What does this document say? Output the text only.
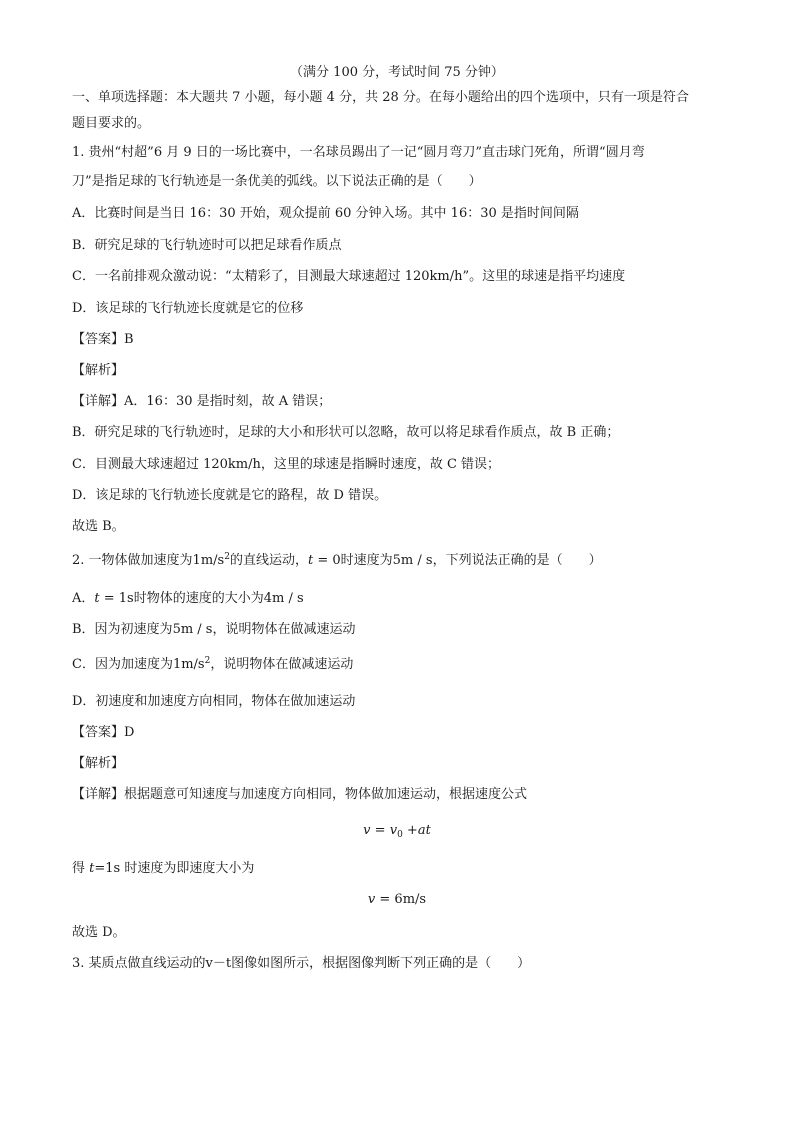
（满分 100 分，考试时间 75 分钟）
一、单项选择题：本大题共 7 小题，每小题 4 分，共 28 分。在每小题给出的四个选项中，只有一项是符合
题目要求的。
1. 贵州“村超”6 月 9 日的一场比赛中，一名球员踢出了一记“圆月弯刀”直击球门死角，所谓“圆月弯
刀”是指足球的飞行轨迹是一条优美的弧线。以下说法正确的是（　　）
A．比赛时间是当日 16：30 开始，观众提前 60 分钟入场。其中 16：30 是指时间间隔
B．研究足球的飞行轨迹时可以把足球看作质点
C．一名前排观众激动说：“太精彩了，目测最大球速超过 120km/h”。这里的球速是指平均速度
D．该足球的飞行轨迹长度就是它的位移
【答案】B
【解析】
【详解】A．16：30 是指时刻，故 A 错误；
B．研究足球的飞行轨迹时，足球的大小和形状可以忽略，故可以将足球看作质点，故 B 正确；
C．目测最大球速超过 120km/h，这里的球速是指瞬时速度，故 C 错误；
D．该足球的飞行轨迹长度就是它的路程，故 D 错误。
故选 B。
2. 一物体做加速度为$1m/s^2$的直线运动，t = 0时速度为5m / s，下列说法正确的是（　　）
A．t = 1s时物体的速度的大小为4m / s
B．因为初速度为5m / s，说明物体在做减速运动
C．因为加速度为$1m/s^2$，说明物体在做减速运动
D．初速度和加速度方向相同，物体在做加速运动
【答案】D
【解析】
【详解】根据题意可知速度与加速度方向相同，物体做加速运动，根据速度公式
$v = v_0 +at$
得 t=1s 时速度为即速度大小为
v = 6m/s
故选 D。
3. 某质点做直线运动的v－t图像如图所示，根据图像判断下列正确的是（　　）
